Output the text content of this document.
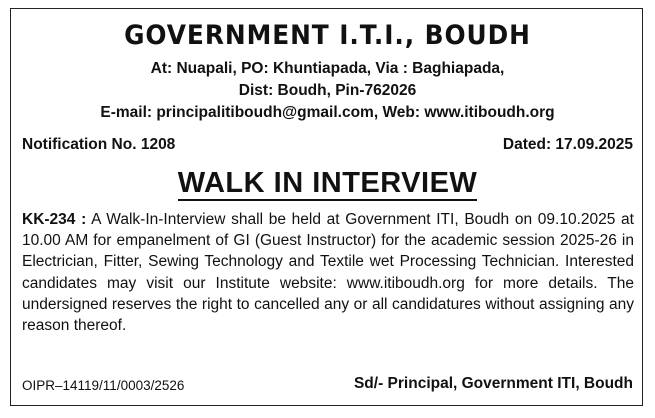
GOVERNMENT I.T.I., BOUDH
At: Nuapali, PO: Khuntiapada, Via : Baghiapada,
Dist: Boudh, Pin-762026
E-mail: principalitiboudh@gmail.com, Web: www.itiboudh.org
Notification No. 1208	Dated: 17.09.2025
WALK IN INTERVIEW
KK-234 : A Walk-In-Interview shall be held at Government ITI, Boudh on 09.10.2025 at 10.00 AM for empanelment of GI (Guest Instructor) for the academic session 2025-26 in Electrician, Fitter, Sewing Technology and Textile wet Processing Technician. Interested candidates may visit our Institute website: www.itiboudh.org for more details. The undersigned reserves the right to cancelled any or all candidatures without assigning any reason thereof.
OIPR–14119/11/0003/2526	Sd/- Principal, Government ITI, Boudh
